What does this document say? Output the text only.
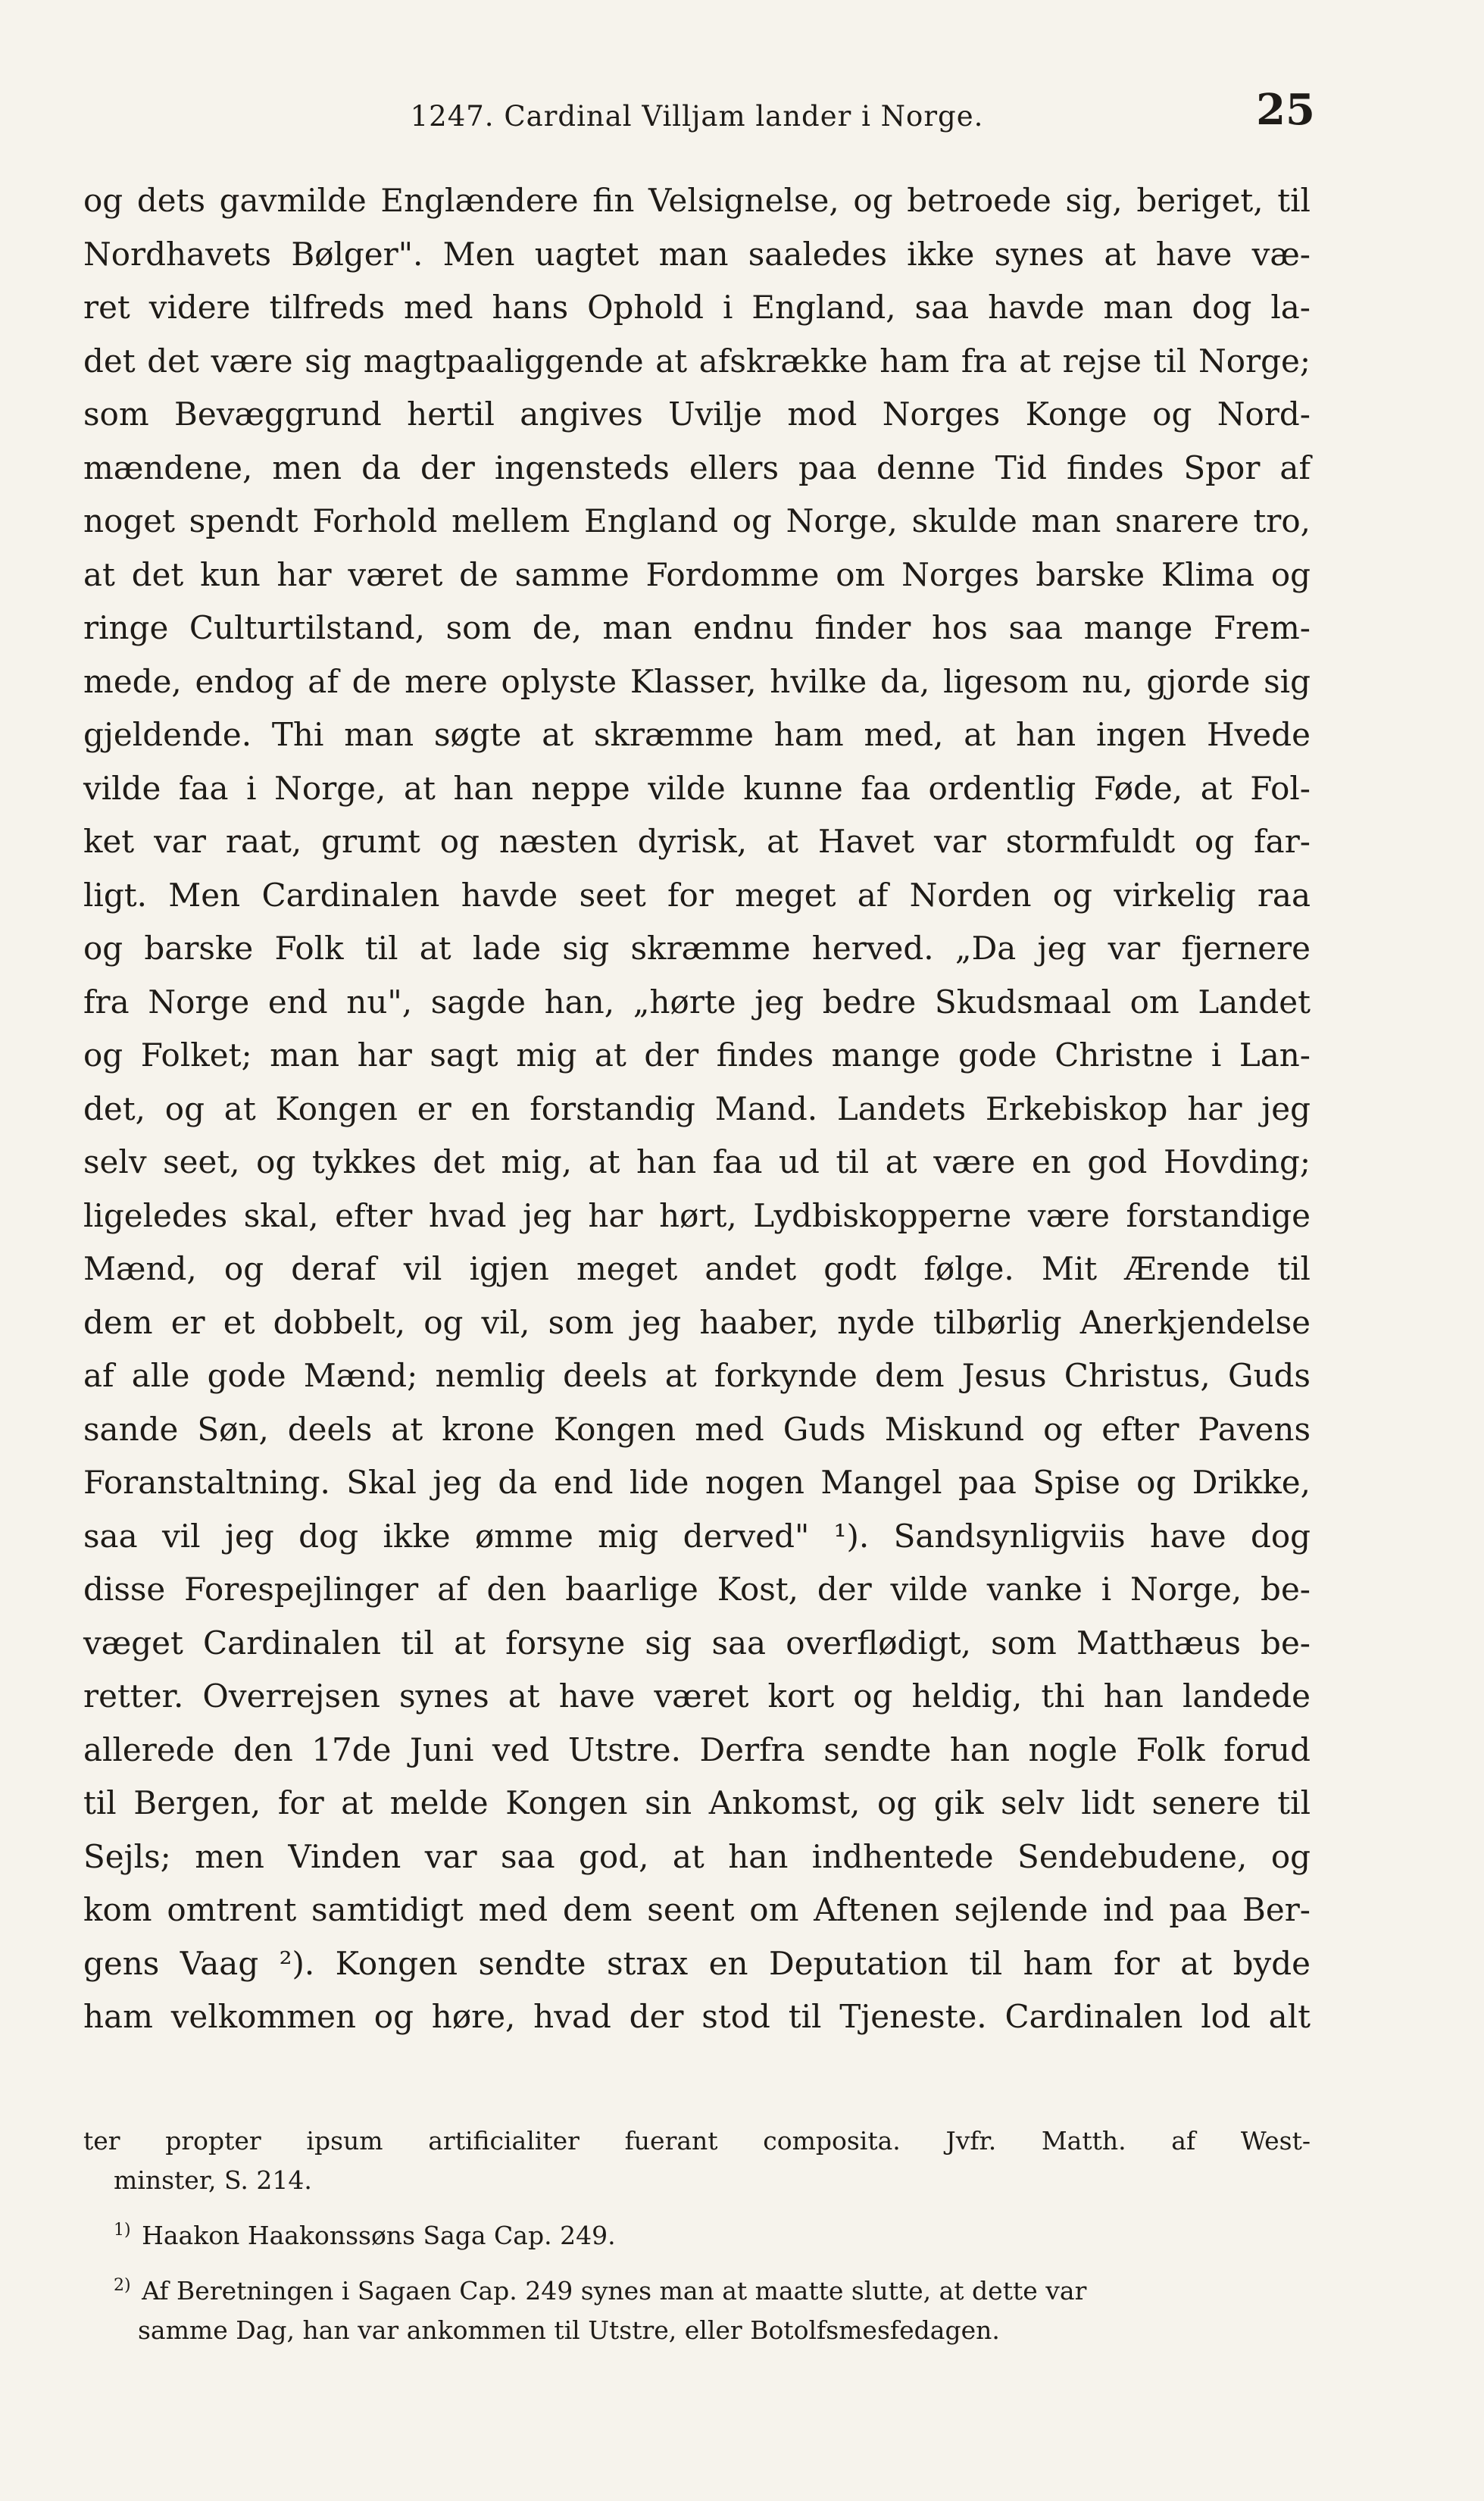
1247. Cardinal Villjam lander i Norge.	25
og dets gavmilde Englændere fin Velsignelse, og betroede sig, beriget, til
Nordhavets Bølger". Men uagtet man saaledes ikke synes at have væ-
ret videre tilfreds med hans Ophold i England, saa havde man dog la-
det det være sig magtpaaliggende at afskrække ham fra at rejse til Norge;
som Bevæggrund hertil angives Uvilje mod Norges Konge og Nord-
mændene, men da der ingensteds ellers paa denne Tid findes Spor af
noget spendt Forhold mellem England og Norge, skulde man snarere tro,
at det kun har været de samme Fordomme om Norges barske Klima og
ringe Culturtilstand, som de, man endnu finder hos saa mange Frem-
mede, endog af de mere oplyste Klasser, hvilke da, ligesom nu, gjorde sig
gjeldende. Thi man søgte at skræmme ham med, at han ingen Hvede
vilde faa i Norge, at han neppe vilde kunne faa ordentlig Føde, at Fol-
ket var raat, grumt og næsten dyrisk, at Havet var stormfuldt og far-
ligt. Men Cardinalen havde seet for meget af Norden og virkelig raa
og barske Folk til at lade sig skræmme herved. „Da jeg var fjernere
fra Norge end nu", sagde han, „hørte jeg bedre Skudsmaal om Landet
og Folket; man har sagt mig at der findes mange gode Christne i Lan-
det, og at Kongen er en forstandig Mand. Landets Erkebiskop har jeg
selv seet, og tykkes det mig, at han faa ud til at være en god Hovding;
ligeledes skal, efter hvad jeg har hørt, Lydbiskopperne være forstandige
Mænd, og deraf vil igjen meget andet godt følge. Mit Ærende til
dem er et dobbelt, og vil, som jeg haaber, nyde tilbørlig Anerkjendelse
af alle gode Mænd; nemlig deels at forkynde dem Jesus Christus, Guds
sande Søn, deels at krone Kongen med Guds Miskund og efter Pavens
Foranstaltning. Skal jeg da end lide nogen Mangel paa Spise og Drikke,
saa vil jeg dog ikke ømme mig derved" ¹). Sandsynligviis have dog
disse Forespejlinger af den baarlige Kost, der vilde vanke i Norge, be-
væget Cardinalen til at forsyne sig saa overflødigt, som Matthæus be-
retter. Overrejsen synes at have været kort og heldig, thi han landede
allerede den 17de Juni ved Utstre. Derfra sendte han nogle Folk forud
til Bergen, for at melde Kongen sin Ankomst, og gik selv lidt senere til
Sejls; men Vinden var saa god, at han indhentede Sendebudene, og
kom omtrent samtidigt med dem seent om Aftenen sejlende ind paa Ber-
gens Vaag ²). Kongen sendte strax en Deputation til ham for at byde
ham velkommen og høre, hvad der stod til Tjeneste. Cardinalen lod alt
ter propter ipsum artificialiter fuerant composita. Jvfr. Matth. af West-
minster, S. 214.
$^{1)}$ Haakon Haakonssøns Saga Cap. 249.
$^{2)}$ Af Beretningen i Sagaen Cap. 249 synes man at maatte slutte, at dette var
samme Dag, han var ankommen til Utstre, eller Botolfsmesfedagen.
